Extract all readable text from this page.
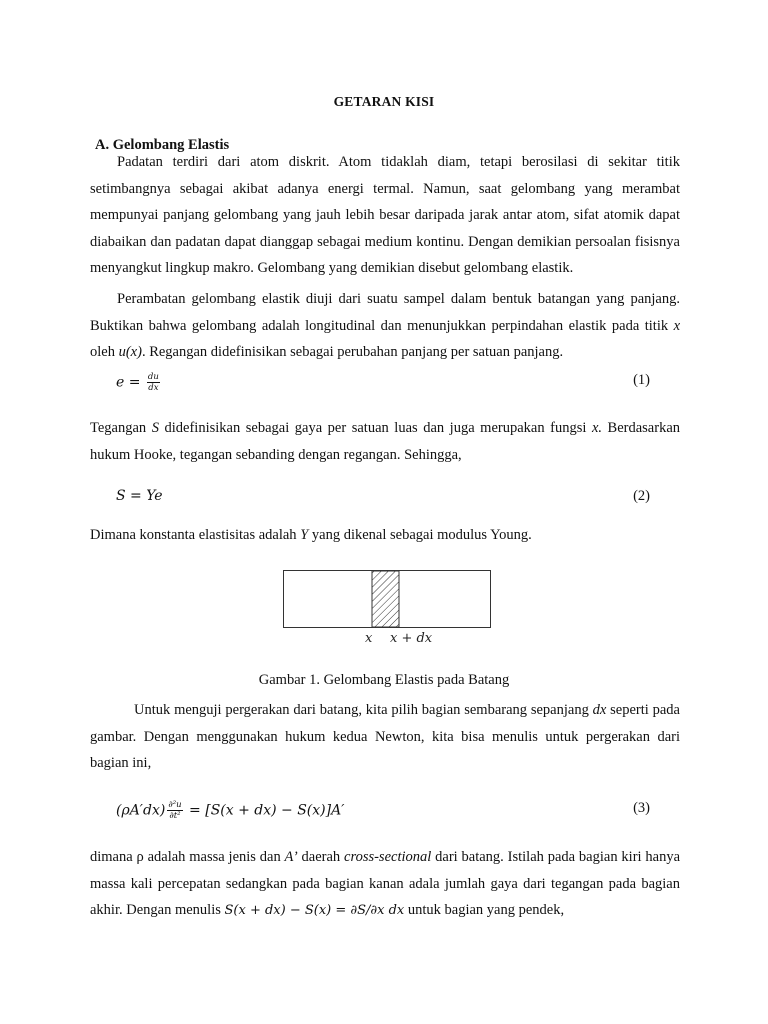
GETARAN KISI
A. Gelombang Elastis

Padatan terdiri dari atom diskrit. Atom tidaklah diam, tetapi berosilasi di sekitar titik setimbangnya sebagai akibat adanya energi termal. Namun, saat gelombang yang merambat mempunyai panjang gelombang yang jauh lebih besar daripada jarak antar atom, sifat atomik dapat diabaikan dan padatan dapat dianggap sebagai medium kontinu. Dengan demikian persoalan fisisnya menyangkut lingkup makro. Gelombang yang demikian disebut gelombang elastik.

Perambatan gelombang elastik diuji dari suatu sampel dalam bentuk batangan yang panjang. Buktikan bahwa gelombang adalah longitudinal dan menunjukkan perpindahan elastik pada titik x oleh u(x). Regangan didefinisikan sebagai perubahan panjang per satuan panjang.

$e = \frac{du}{dx}$	(1)

Tegangan S didefinisikan sebagai gaya per satuan luas dan juga merupakan fungsi x. Berdasarkan hukum Hooke, tegangan sebanding dengan regangan. Sehingga,

S = Ye	(2)

Dimana konstanta elastisitas adalah Y yang dikenal sebagai modulus Young.

x x + dx
Gambar 1. Gelombang Elastis pada Batang

Untuk menguji pergerakan dari batang, kita pilih bagian sembarang sepanjang dx seperti pada gambar. Dengan menggunakan hukum kedua Newton, kita bisa menulis untuk pergerakan dari bagian ini,

$(\rho A'dx) \frac{\text{∂²u}}{\text{∂t²}} = [S(x + dx) - S(x)]A'$	(3)

dimana ρ adalah massa jenis dan A’ daerah cross-sectional dari batang. Istilah pada bagian kiri hanya massa kali percepatan sedangkan pada bagian kanan adala jumlah gaya dari tegangan pada bagian akhir. Dengan menulis S(x + dx) − S(x) = ∂S/∂x dx untuk bagian yang pendek,
